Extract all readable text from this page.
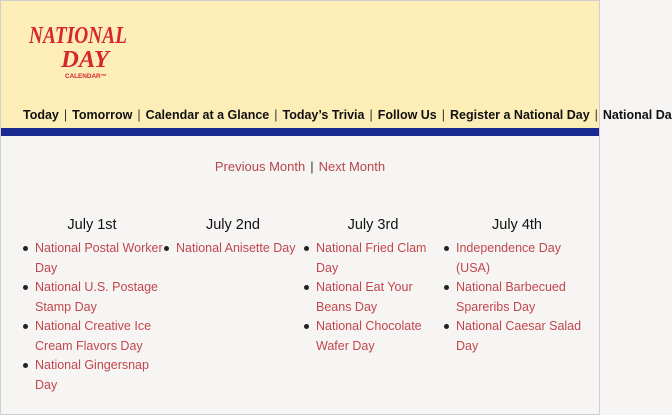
NATIONAL
DAY
CALENDAR™
Today | Tomorrow | Calendar at a Glance | Today’s Trivia | Follow Us | Register a National Day | National Da
Previous Month | Next Month
July 1st
National Postal Worker Day
National U.S. Postage Stamp Day
National Creative Ice Cream Flavors Day
National Gingersnap Day
July 2nd
National Anisette Day
July 3rd
National Fried Clam Day
National Eat Your Beans Day
National Chocolate Wafer Day
July 4th
Independence Day (USA)
National Barbecued Spareribs Day
National Caesar Salad Day
